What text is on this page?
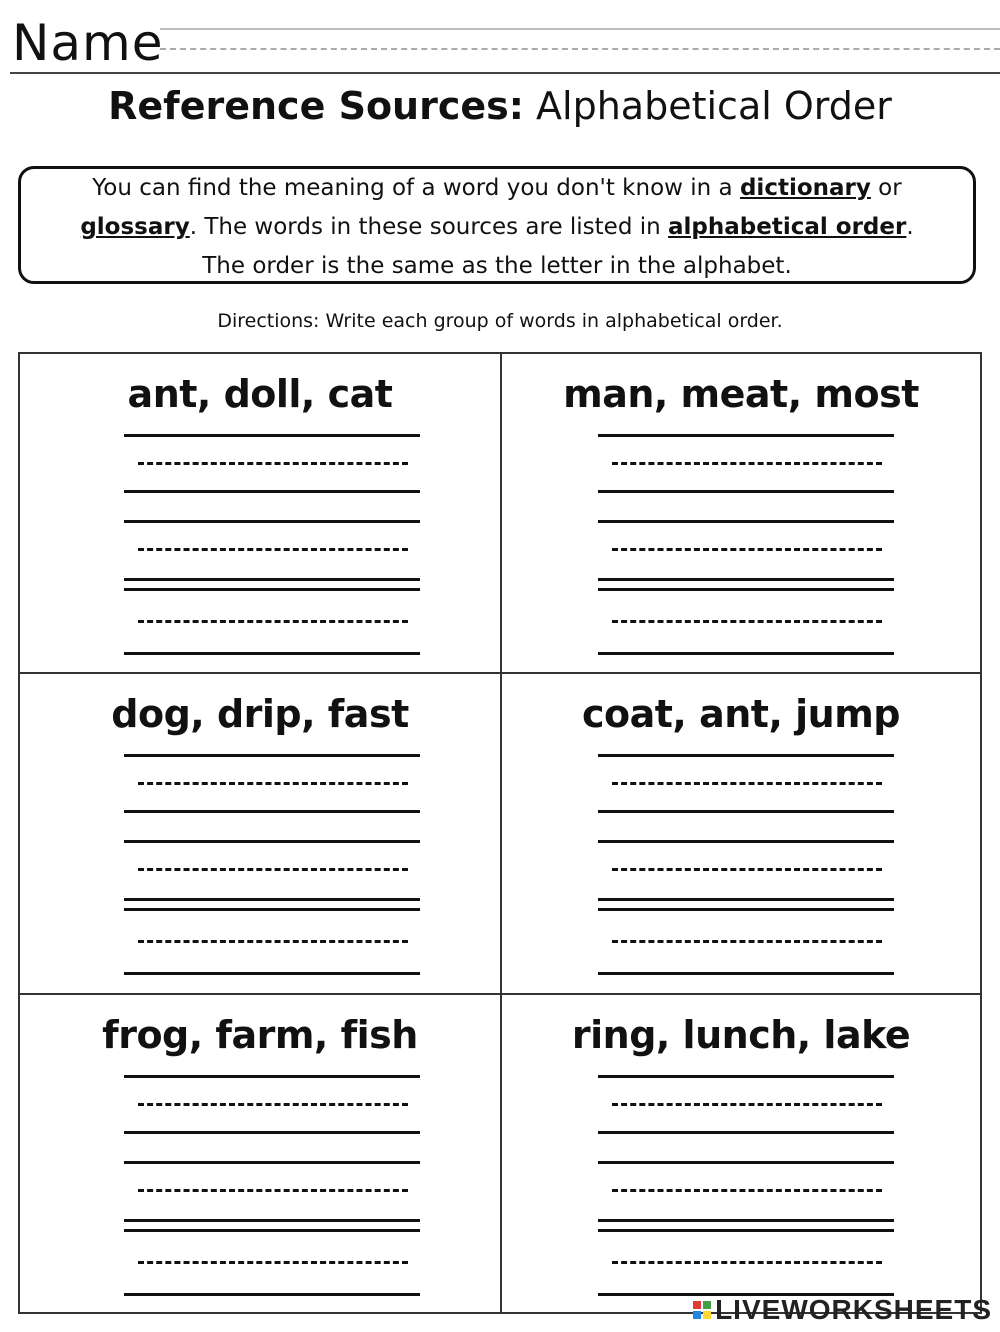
Name
Reference Sources: Alphabetical Order
You can find the meaning of a word you don't know in a dictionary or
glossary. The words in these sources are listed in alphabetical order.
The order is the same as the letter in the alphabet.
Directions: Write each group of words in alphabetical order.
ant, doll, cat	man, meat, most
dog, drip, fast	coat, ant, jump
frog, farm, fish	ring, lunch, lake
LIVEWORKSHEETS
